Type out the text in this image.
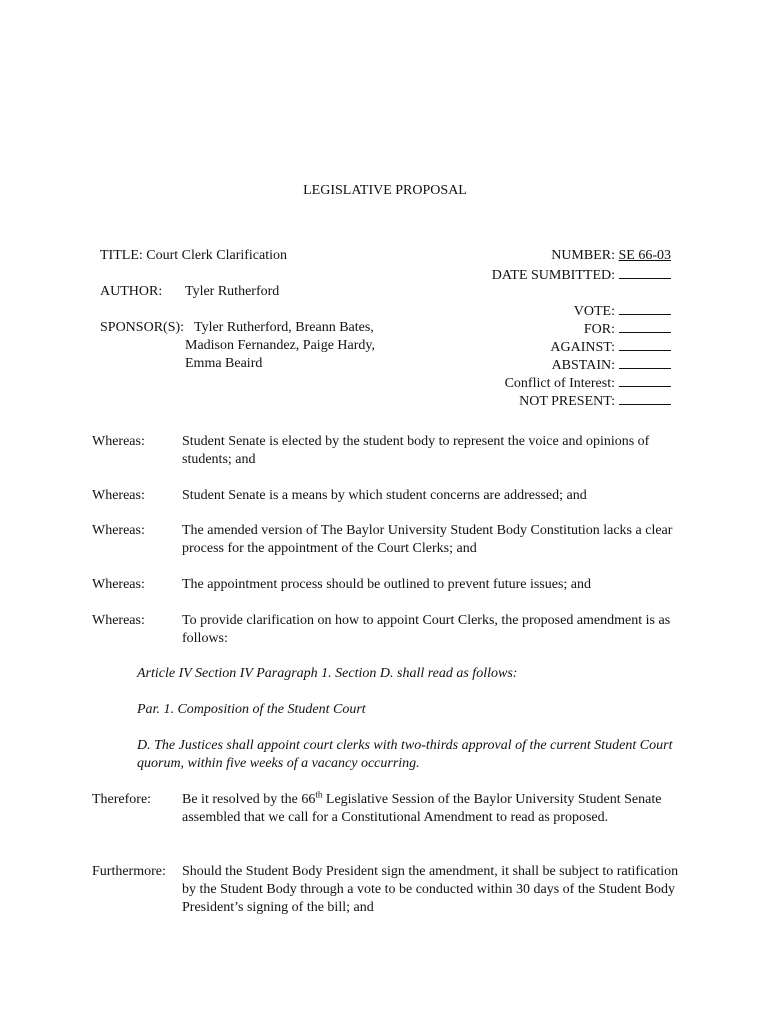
LEGISLATIVE PROPOSAL
TITLE: Court Clerk Clarification
AUTHOR: Tyler Rutherford
SPONSOR(S): Tyler Rutherford, Breann Bates,
Madison Fernandez, Paige Hardy,
Emma Beaird
NUMBER: SE 66-03
DATE SUMBITTED:
VOTE:
FOR:
AGAINST:
ABSTAIN:
Conflict of Interest:
NOT PRESENT:
Whereas:	Student Senate is elected by the student body to represent the voice and opinions of students; and
Whereas:	Student Senate is a means by which student concerns are addressed; and
Whereas:	The amended version of The Baylor University Student Body Constitution lacks a clear process for the appointment of the Court Clerks; and
Whereas:	The appointment process should be outlined to prevent future issues; and
Whereas:	To provide clarification on how to appoint Court Clerks, the proposed amendment is as follows:
Article IV Section IV Paragraph 1. Section D. shall read as follows:
Par. 1. Composition of the Student Court
D. The Justices shall appoint court clerks with two-thirds approval of the current Student Court quorum, within five weeks of a vacancy occurring.
Therefore:	Be it resolved by the 66th Legislative Session of the Baylor University Student Senate assembled that we call for a Constitutional Amendment to read as proposed.
Furthermore:	Should the Student Body President sign the amendment, it shall be subject to ratification by the Student Body through a vote to be conducted within 30 days of the Student Body President’s signing of the bill; and
